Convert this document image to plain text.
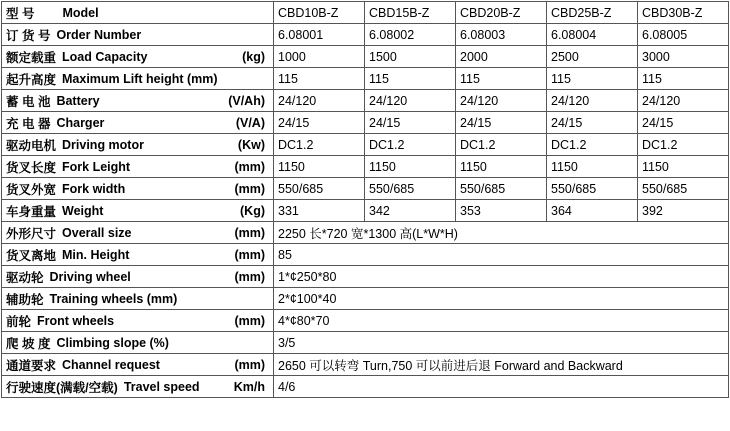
型 号 Model	CBD10B-Z	CBD15B-Z	CBD20B-Z	CBD25B-Z	CBD30B-Z

订 货 号 Order Number	6.08001	6.08002	6.08003	6.08004	6.08005

额定载重 Load Capacity (kg)	1000	1500	2000	2500	3000

起升高度 Maximum Lift height (mm)	115	115	115	115	115

蓄 电 池 Battery (V/Ah)	24/120	24/120	24/120	24/120	24/120

充 电 器 Charger (V/A)	24/15	24/15	24/15	24/15	24/15

驱动电机 Driving motor (Kw)	DC1.2	DC1.2	DC1.2	DC1.2	DC1.2

货叉长度 Fork Leight (mm)	1150	1150	1150	1150	1150

货叉外宽 Fork width (mm)	550/685	550/685	550/685	550/685	550/685

车身重量 Weight (Kg)	331	342	353	364	392

外形尺寸 Overall size (mm)	2250 长*720 宽*1300 高(L*W*H)				

货叉离地 Min. Height (mm)	85				

驱动轮 Driving wheel (mm)	1*¢250*80				

辅助轮 Training wheels (mm)	2*¢100*40				

前轮 Front wheels (mm)	4*¢80*70				

爬 坡 度 Climbing slope (%)	3/5				

通道要求 Channel request (mm)	2650 可以转弯 Turn,750 可以前进后退 Forward and Backward				

行驶速度(满载/空载) Travel speed Km/h	4/6				
